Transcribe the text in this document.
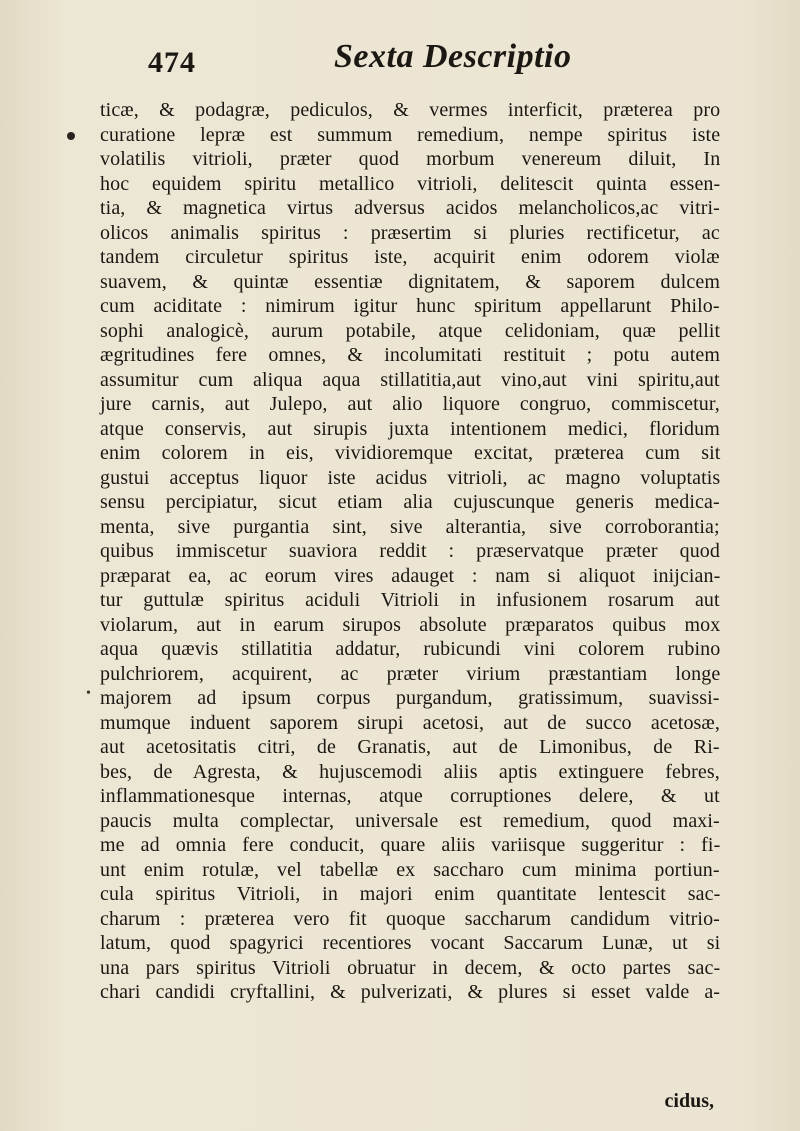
•
474	Sexta Descriptio
ticæ, & podagræ, pediculos, & vermes interficit, præterea pro
curatione lepræ est summum remedium, nempe spiritus iste
volatilis vitrioli, præter quod morbum venereum diluit, In
hoc equidem spiritu metallico vitrioli, delitescit quinta essen-
tia, & magnetica virtus adversus acidos melancholicos,ac vitri-
olicos animalis spiritus : præsertim si pluries rectificetur, ac
tandem circuletur spiritus iste, acquirit enim odorem violæ
suavem, & quintæ essentiæ dignitatem, & saporem dulcem
cum aciditate : nimirum igitur hunc spiritum appellarunt Philo-
sophi analogicè, aurum potabile, atque celidoniam, quæ pellit
ægritudines fere omnes, & incolumitati restituit ; potu autem
assumitur cum aliqua aqua stillatitia,aut vino,aut vini spiritu,aut
jure carnis, aut Julepo, aut alio liquore congruo, commiscetur,
atque conservis, aut sirupis juxta intentionem medici, floridum
enim colorem in eis, vividioremque excitat, præterea cum sit
gustui acceptus liquor iste acidus vitrioli, ac magno voluptatis
sensu percipiatur, sicut etiam alia cujuscunque generis medica-
menta, sive purgantia sint, sive alterantia, sive corroborantia;
quibus immiscetur suaviora reddit : præservatque præter quod
præparat ea, ac eorum vires adauget : nam si aliquot inijcian-
tur guttulæ spiritus aciduli Vitrioli in infusionem rosarum aut
violarum, aut in earum sirupos absolute præparatos quibus mox
aqua quævis stillatitia addatur, rubicundi vini colorem rubino
pulchriorem, acquirent, ac præter virium præstantiam longe
majorem ad ipsum corpus purgandum, gratissimum, suavissi-
mumque induent saporem sirupi acetosi, aut de succo acetosæ,
aut acetositatis citri, de Granatis, aut de Limonibus, de Ri-
bes, de Agresta, & hujuscemodi aliis aptis extinguere febres,
inflammationesque internas, atque corruptiones delere, & ut
paucis multa complectar, universale est remedium, quod maxi-
me ad omnia fere conducit, quare aliis variisque suggeritur : fi-
unt enim rotulæ, vel tabellæ ex saccharo cum minima portiun-
cula spiritus Vitrioli, in majori enim quantitate lentescit sac-
charum : præterea vero fit quoque saccharum candidum vitrio-
latum, quod spagyrici recentiores vocant Saccarum Lunæ, ut si
una pars spiritus Vitrioli obruatur in decem, & octo partes sac-
chari candidi cryftallini, & pulverizati, & plures si esset valde a-
cidus,
